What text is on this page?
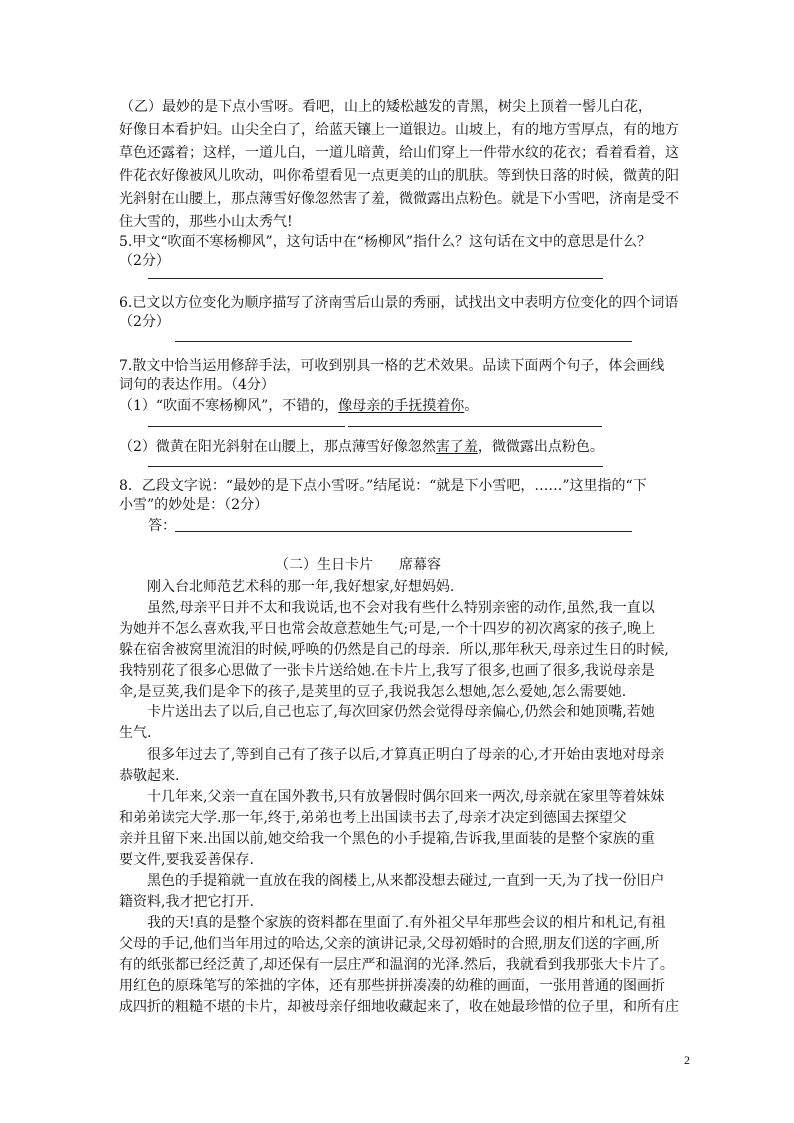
（乙）最妙的是下点小雪呀。看吧，山上的矮松越发的青黑，树尖上顶着一髻儿白花，
好像日本看护妇。山尖全白了，给蓝天镶上一道银边。山坡上，有的地方雪厚点，有的地方
草色还露着；这样，一道儿白，一道儿暗黄，给山们穿上一件带水纹的花衣；看着看着，这
件花衣好像被风儿吹动，叫你希望看见一点更美的山的肌肤。等到快日落的时候，微黄的阳
光斜射在山腰上，那点薄雪好像忽然害了羞，微微露出点粉色。就是下小雪吧，济南是受不
住大雪的，那些小山太秀气!
5.甲文“吹面不寒杨柳风”，这句话中在“杨柳风”指什么？这句话在文中的意思是什么？
（2分）
6.已文以方位变化为顺序描写了济南雪后山景的秀丽，试找出文中表明方位变化的四个词语
（2分）
7.散文中恰当运用修辞手法，可收到别具一格的艺术效果。品读下面两个句子，体会画线
词句的表达作用。（4分）
（1）“吹面不寒杨柳风”，不错的，像母亲的手抚摸着你。
（2）微黄在阳光斜射在山腰上，那点薄雪好像忽然害了羞，微微露出点粉色。
8．乙段文字说：“最妙的是下点小雪呀。”结尾说：“就是下小雪吧，……”这里指的“下
小雪”的妙处是：（2分）
答：
（二）生日卡片 席幕容
刚入台北师范艺术科的那一年,我好想家,好想妈妈.
虽然,母亲平日并不太和我说话,也不会对我有些什么特别亲密的动作,虽然,我一直以
为她并不怎么喜欢我,平日也常会故意惹她生气;可是,一个十四岁的初次离家的孩子,晚上
躲在宿舍被窝里流泪的时候,呼唤的仍然是自己的母亲．所以,那年秋天,母亲过生日的时候,
我特别花了很多心思做了一张卡片送给她.在卡片上,我写了很多,也画了很多,我说母亲是
伞,是豆荚,我们是伞下的孩子,是荚里的豆子,我说我怎么想她,怎么爱她,怎么需要她.
卡片送出去了以后,自己也忘了,每次回家仍然会觉得母亲偏心,仍然会和她顶嘴,若她
生气.
很多年过去了,等到自己有了孩子以后,才算真正明白了母亲的心,才开始由衷地对母亲
恭敬起来.
十几年来,父亲一直在国外教书,只有放暑假时偶尔回来一两次,母亲就在家里等着妹妹
和弟弟读完大学.那一年,终于,弟弟也考上出国读书去了,母亲才决定到德国去探望父
亲并且留下来.出国以前,她交给我一个黑色的小手提箱,告诉我,里面装的是整个家族的重
要文件,要我妥善保存.
黑色的手提箱就一直放在我的阁楼上,从来都没想去碰过,一直到一天,为了找一份旧户
籍资料,我才把它打开.
我的天!真的是整个家族的资料都在里面了.有外祖父早年那些会议的相片和札记,有祖
父母的手记,他们当年用过的哈达,父亲的演讲记录,父母初婚时的合照,朋友们送的字画,所
有的纸张都已经泛黄了,却还保有一层庄严和温润的光泽.然后，我就看到我那张大卡片了。
用红色的原珠笔写的笨拙的字体，还有那些拼拼凑凑的幼稚的画面，一张用普通的图画折
成四折的粗糙不堪的卡片，却被母亲仔细地收藏起来了，收在她最珍惜的位子里，和所有庄
2
